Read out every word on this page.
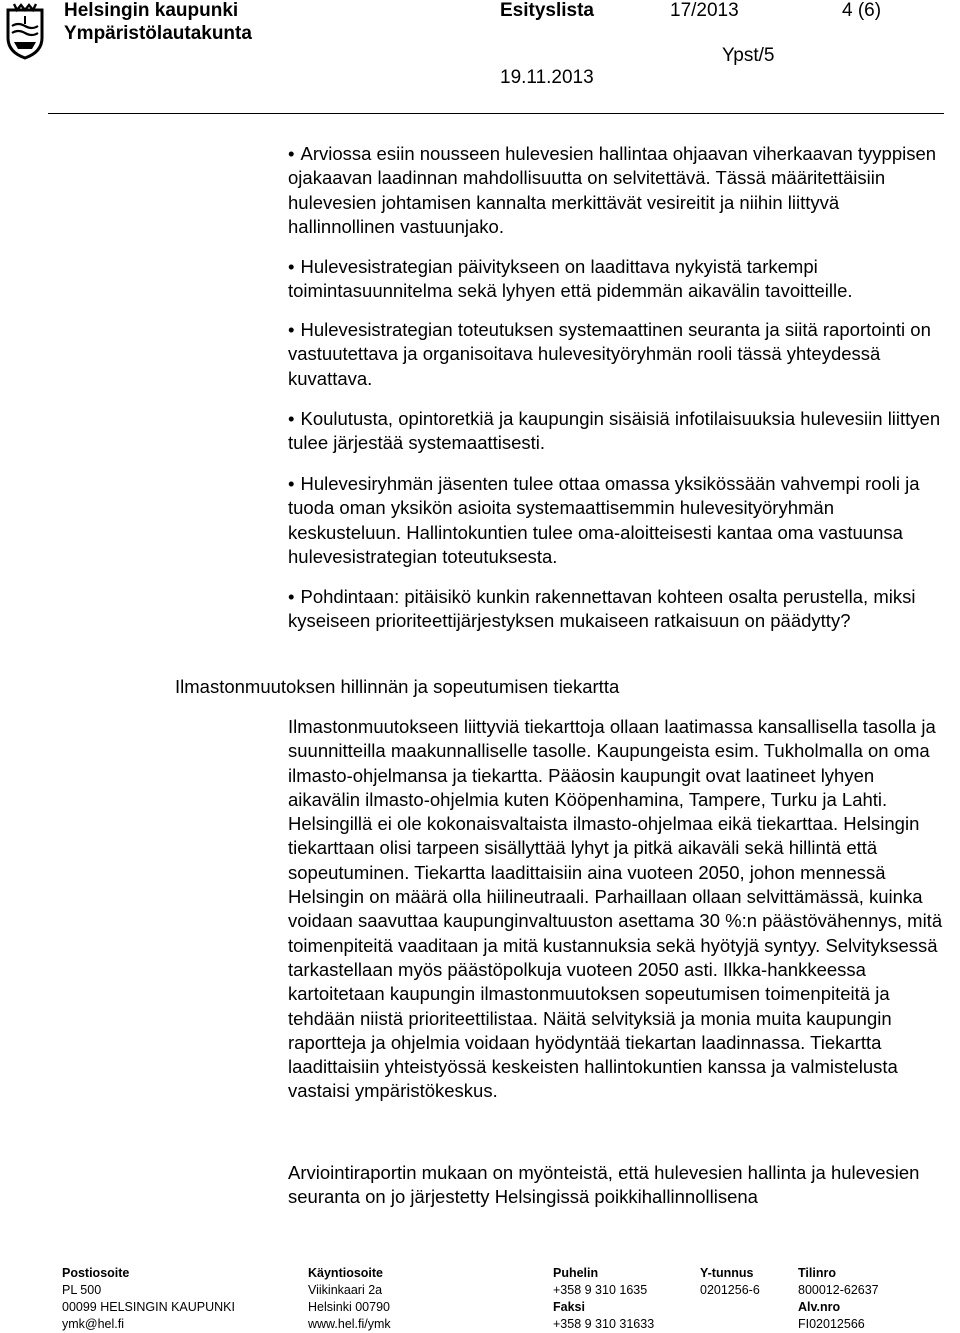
Helsingin kaupunki
Ympäristölautakunta
Esityslista	17/2013	4 (6)
Ypst/5
19.11.2013

• Arviossa esiin nousseen hulevesien hallintaa ohjaavan viherkaavan tyyppisen ojakaavan laadinnan mahdollisuutta on selvitettävä. Tässä määritettäisiin hulevesien johtamisen kannalta merkittävät vesireitit ja niihin liittyvä hallinnollinen vastuunjako.

• Hulevesistrategian päivitykseen on laadittava nykyistä tarkempi toimintasuunnitelma sekä lyhyen että pidemmän aikavälin tavoitteille.

• Hulevesistrategian toteutuksen systemaattinen seuranta ja siitä raportointi on vastuutettava ja organisoitava hulevesityöryhmän rooli tässä yhteydessä kuvattava.

• Koulutusta, opintoretkiä ja kaupungin sisäisiä infotilaisuuksia hulevesiin liittyen tulee järjestää systemaattisesti.

• Hulevesiryhmän jäsenten tulee ottaa omassa yksikössään vahvempi rooli ja tuoda oman yksikön asioita systemaattisemmin hulevesityöryhmän keskusteluun. Hallintokuntien tulee oma-aloitteisesti kantaa oma vastuunsa hulevesistrategian toteutuksesta.

• Pohdintaan: pitäisikö kunkin rakennettavan kohteen osalta perustella, miksi kyseiseen prioriteettijärjestyksen mukaiseen ratkaisuun on päädytty?

Ilmastonmuutoksen hillinnän ja sopeutumisen tiekartta

Ilmastonmuutokseen liittyviä tiekarttoja ollaan laatimassa kansallisella tasolla ja suunnitteilla maakunnalliselle tasolle. Kaupungeista esim. Tukholmalla on oma ilmasto-ohjelmansa ja tiekartta. Pääosin kaupungit ovat laatineet lyhyen aikavälin ilmasto-ohjelmia kuten Kööpenhamina, Tampere, Turku ja Lahti. Helsingillä ei ole kokonaisvaltaista ilmasto-ohjelmaa eikä tiekarttaa. Helsingin tiekarttaan olisi tarpeen sisällyttää lyhyt ja pitkä aikaväli sekä hillintä että sopeutuminen. Tiekartta laadittaisiin aina vuoteen 2050, johon mennessä Helsingin on määrä olla hiilineutraali. Parhaillaan ollaan selvittämässä, kuinka voidaan saavuttaa kaupunginvaltuuston asettama 30 %:n päästövähennys, mitä toimenpiteitä vaaditaan ja mitä kustannuksia sekä hyötyjä syntyy. Selvityksessä tarkastellaan myös päästöpolkuja vuoteen 2050 asti. Ilkka-hankkeessa kartoitetaan kaupungin ilmastonmuutoksen sopeutumisen toimenpiteitä ja tehdään niistä prioriteettilistaa. Näitä selvityksiä ja monia muita kaupungin raportteja ja ohjelmia voidaan hyödyntää tiekartan laadinnassa. Tiekartta laadittaisiin yhteistyössä keskeisten hallintokuntien kanssa ja valmistelusta vastaisi ympäristökeskus.

Arviointiraportin mukaan on myönteistä, että hulevesien hallinta ja hulevesien seuranta on jo järjestetty Helsingissä poikkihallinnollisena

Postiosoite
PL 500
00099 HELSINGIN KAUPUNKI
ymk@hel.fi
Käyntiosoite
Viikinkaari 2a
Helsinki 00790
www.hel.fi/ymk
Puhelin
+358 9 310 1635
Faksi
+358 9 310 31633
Y-tunnus
0201256-6
Tilinro
800012-62637
Alv.nro
FI02012566
